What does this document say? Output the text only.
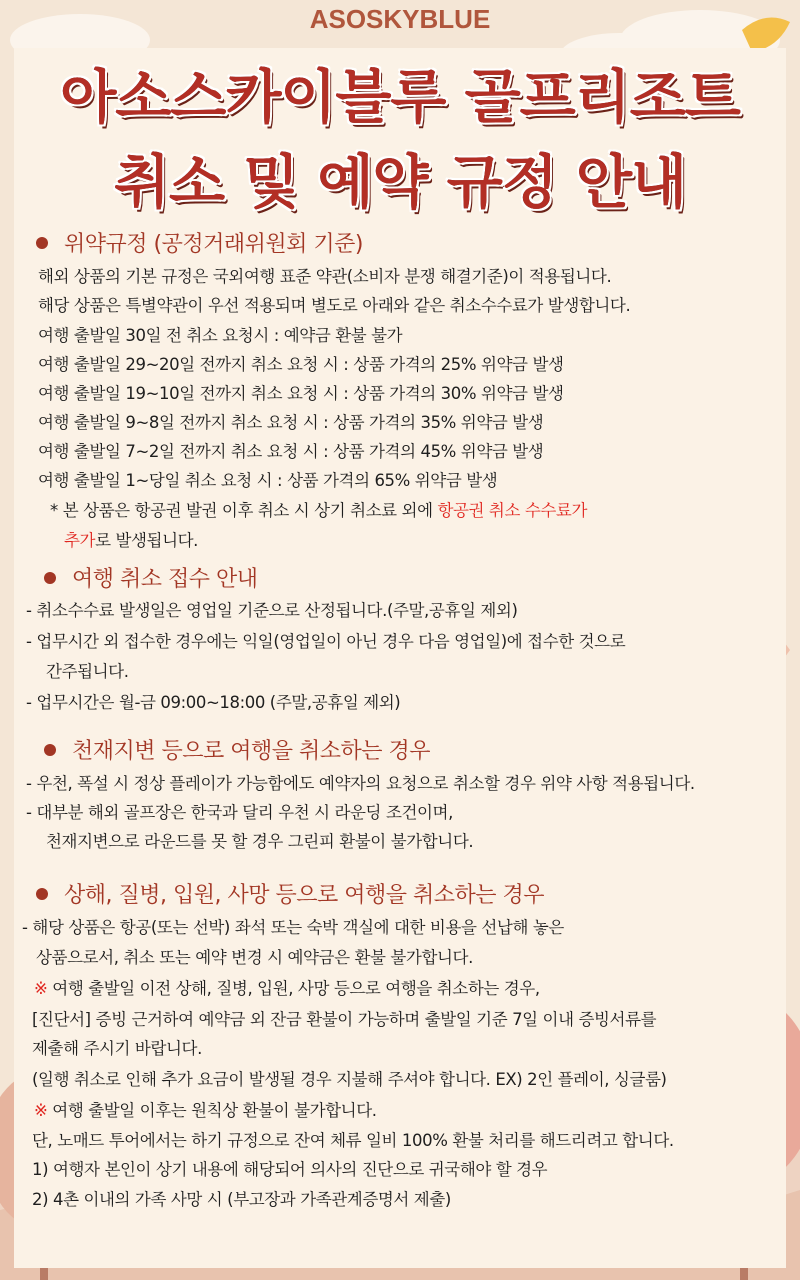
ASOSKYBLUE
아소스카이블루 골프리조트
취소 및 예약 규정 안내
위약규정 (공정거래위원회 기준)
해외 상품의 기본 규정은 국외여행 표준 약관(소비자 분쟁 해결기준)이 적용됩니다.
해당 상품은 특별약관이 우선 적용되며 별도로 아래와 같은 취소수수료가 발생합니다.
여행 출발일 30일 전 취소 요청시 : 예약금 환불 불가
여행 출발일 29~20일 전까지 취소 요청 시 : 상품 가격의 25% 위약금 발생
여행 출발일 19~10일 전까지 취소 요청 시 : 상품 가격의 30% 위약금 발생
여행 출발일 9~8일 전까지 취소 요청 시 : 상품 가격의 35% 위약금 발생
여행 출발일 7~2일 전까지 취소 요청 시 : 상품 가격의 45% 위약금 발생
여행 출발일 1~당일 취소 요청 시 : 상품 가격의 65% 위약금 발생
* 본 상품은 항공권 발권 이후 취소 시 상기 취소료 외에 항공권 취소 수수료가
추가로 발생됩니다.
여행 취소 접수 안내
- 취소수수료 발생일은 영업일 기준으로 산정됩니다.(주말,공휴일 제외)
- 업무시간 외 접수한 경우에는 익일(영업일이 아닌 경우 다음 영업일)에 접수한 것으로
간주됩니다.
- 업무시간은 월-금 09:00~18:00 (주말,공휴일 제외)
천재지변 등으로 여행을 취소하는 경우
- 우천, 폭설 시 정상 플레이가 가능함에도 예약자의 요청으로 취소할 경우 위약 사항 적용됩니다.
- 대부분 해외 골프장은 한국과 달리 우천 시 라운딩 조건이며,
천재지변으로 라운드를 못 할 경우 그린피 환불이 불가합니다.
상해, 질병, 입원, 사망 등으로 여행을 취소하는 경우
- 해당 상품은 항공(또는 선박) 좌석 또는 숙박 객실에 대한 비용을 선납해 놓은
상품으로서, 취소 또는 예약 변경 시 예약금은 환불 불가합니다.
※ 여행 출발일 이전 상해, 질병, 입원, 사망 등으로 여행을 취소하는 경우,
[진단서] 증빙 근거하여 예약금 외 잔금 환불이 가능하며 출발일 기준 7일 이내 증빙서류를
제출해 주시기 바랍니다.
(일행 취소로 인해 추가 요금이 발생될 경우 지불해 주셔야 합니다. EX) 2인 플레이, 싱글룸)
※ 여행 출발일 이후는 원칙상 환불이 불가합니다.
단, 노매드 투어에서는 하기 규정으로 잔여 체류 일비 100% 환불 처리를 해드리려고 합니다.
1) 여행자 본인이 상기 내용에 해당되어 의사의 진단으로 귀국해야 할 경우
2) 4촌 이내의 가족 사망 시 (부고장과 가족관계증명서 제출)
